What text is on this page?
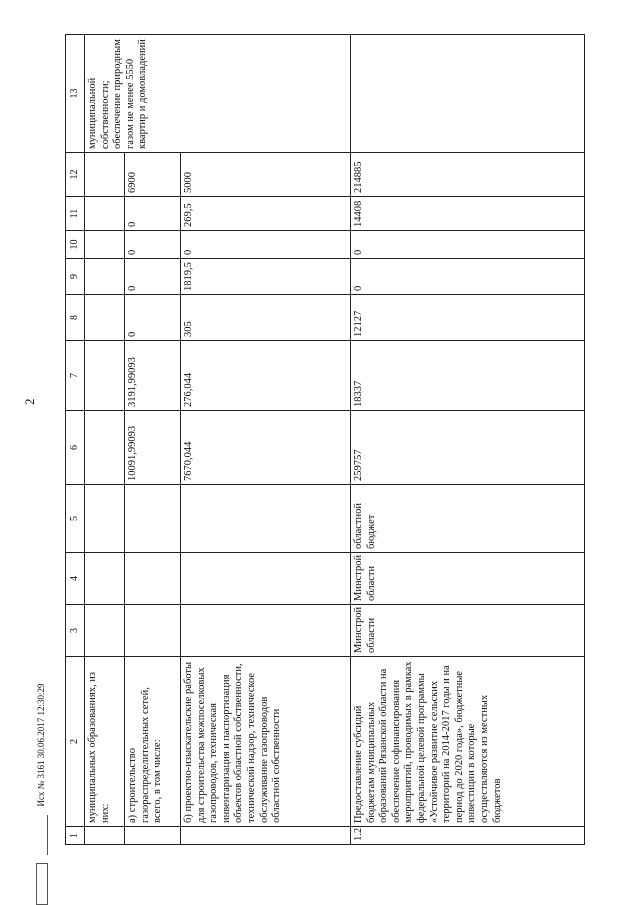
2
1	2	3	4	5	6	7	8	9	10	11	12	13
	муниципальных образованиях, из них:											муниципальной собственности; обеспечение природным газом не менее 5550 квартир и домовладений
	а) строительство газораспределительных сетей, всего, в том числе:				10091,99093	3191,99093	0	0	0	0	6900	
	б) проектно-изыскательские работы для строительства межпоселковых газопроводов, техническая инвентаризация и паспортизация объектов областной собственности, технический надзор, техническое обслуживание газопроводов областной собственности				7670,044	276,044	305	1819,5	0	269,5	5000	
1.2	Предоставление субсидий бюджетам муниципальных образований Рязанской области на обеспечение софинансирования мероприятий, проводимых в рамках федеральной целевой программы «Устойчивое развитие сельских территорий на 2014-2017 годы и на период до 2020 года», бюджетные инвестиции в которые осуществляются из местных бюджетов	Минстрой области	Минстрой области	областной бюджет	259757	18337	12127	0	0	14408	214885	
Исх № 3161 30.06.2017 12:30:29
